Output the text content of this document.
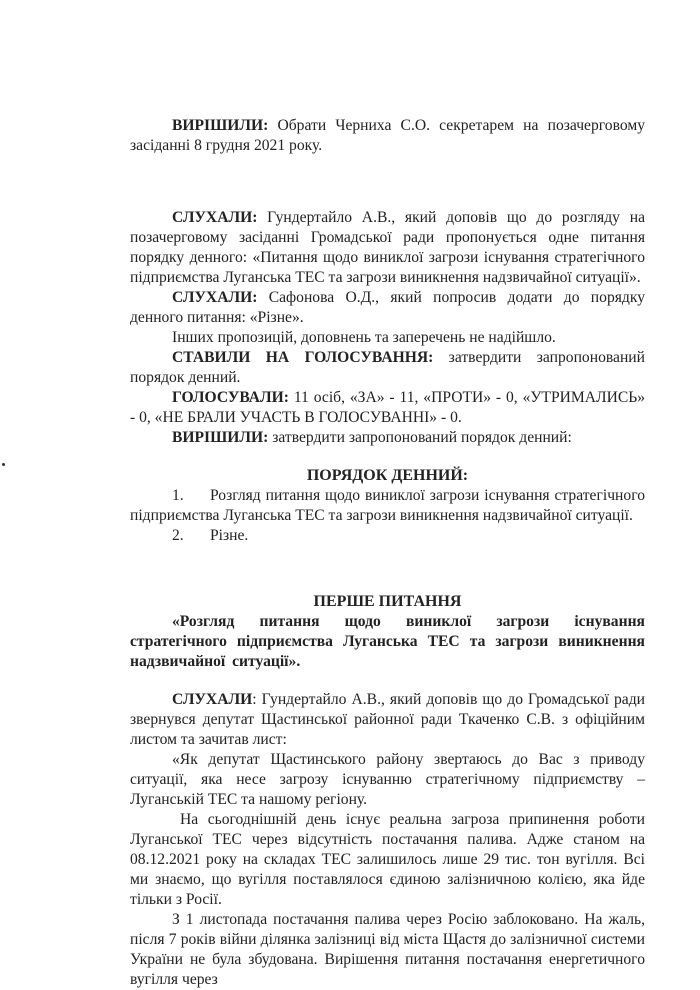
ВИРІШИЛИ: Обрати Черниха С.О. секретарем на позачерговому засіданні 8 грудня 2021 року.

СЛУХАЛИ: Гундертайло А.В., який доповів що до розгляду на позачерговому засіданні Громадської ради пропонується одне питання порядку денного: «Питання щодо виниклої загрози існування стратегічного підприємства Луганська ТЕС та загрози виникнення надзвичайної ситуації».

СЛУХАЛИ: Сафонова О.Д., який попросив додати до порядку денного питання: «Різне».

Інших пропозицій, доповнень та заперечень не надійшло.

СТАВИЛИ НА ГОЛОСУВАННЯ: затвердити запропонований порядок денний.

ГОЛОСУВАЛИ: 11 осіб, «ЗА» - 11, «ПРОТИ» - 0, «УТРИМАЛИСЬ» - 0, «НЕ БРАЛИ УЧАСТЬ В ГОЛОСУВАННІ» - 0.

ВИРІШИЛИ: затвердити запропонований порядок денний:

ПОРЯДОК ДЕННИЙ:

1. Розгляд питання щодо виниклої загрози існування стратегічного підприємства Луганська ТЕС та загрози виникнення надзвичайної ситуації.

2. Різне.

ПЕРШЕ ПИТАННЯ

«Розгляд питання щодо виниклої загрози існування стратегічного підприємства Луганська ТЕС та загрози виникнення надзвичайної ситуації».

СЛУХАЛИ: Гундертайло А.В., який доповів що до Громадської ради звернувся депутат Щастинської районної ради Ткаченко С.В. з офіційним листом та зачитав лист:

«Як депутат Щастинського району звертаюсь до Вас з приводу ситуації, яка несе загрозу існуванню стратегічному підприємству – Луганській ТЕС та нашому регіону.

На сьогоднішній день існує реальна загроза припинення роботи Луганської ТЕС через відсутність постачання палива. Адже станом на 08.12.2021 року на складах ТЕС залишилось лише 29 тис. тон вугілля. Всі ми знаємо, що вугілля поставлялося єдиною залізничною колією, яка йде тільки з Росії.

З 1 листопада постачання палива через Росію заблоковано. На жаль, після 7 років війни ділянка залізниці від міста Щастя до залізничної системи України не була збудована. Вирішення питання постачання енергетичного вугілля через
